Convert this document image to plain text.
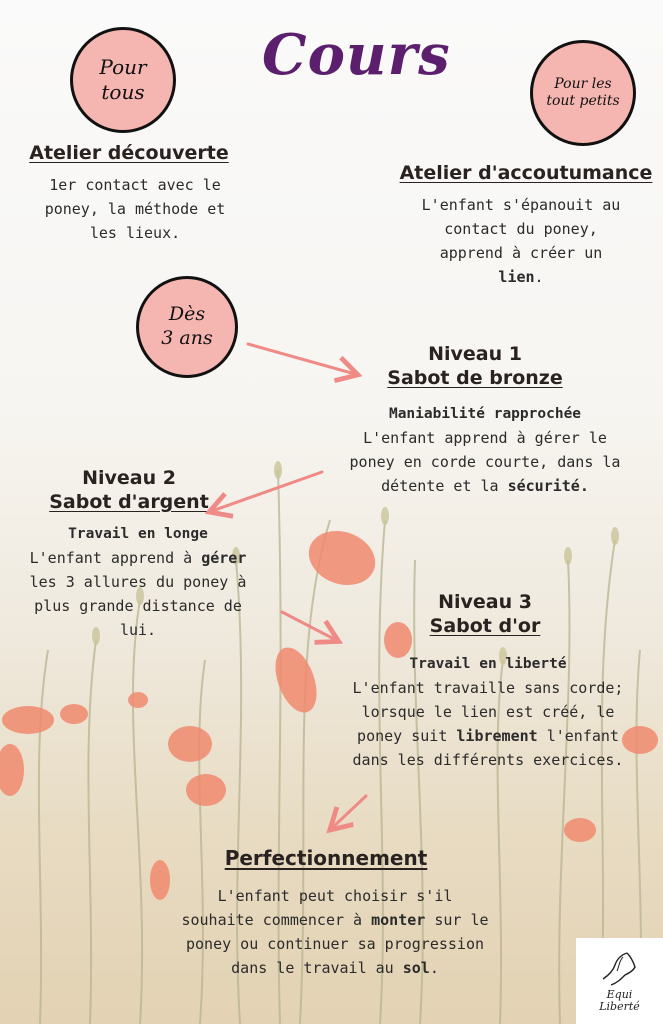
Cours
Pour
tous	Pour les
tout petits
Dès
3 ans
Atelier découverte
1er contact avec le
poney, la méthode et
les lieux.
Atelier d'accoutumance
L'enfant s'épanouit au
contact du poney,
apprend à créer un
lien.
Niveau 1
Sabot de bronze
Maniabilité rapprochée
L'enfant apprend à gérer le
poney en corde courte, dans la
détente et la sécurité.
Niveau 2
Sabot d'argent
Travail en longe
L'enfant apprend à gérer
les 3 allures du poney à
plus grande distance de
lui.
Niveau 3
Sabot d'or
Travail en liberté
L'enfant travaille sans corde;
lorsque le lien est créé, le
poney suit librement l'enfant
dans les différents exercices.
Perfectionnement
L'enfant peut choisir s'il
souhaite commencer à monter sur le
poney ou continuer sa progression
dans le travail au sol.
Equi
Liberté
